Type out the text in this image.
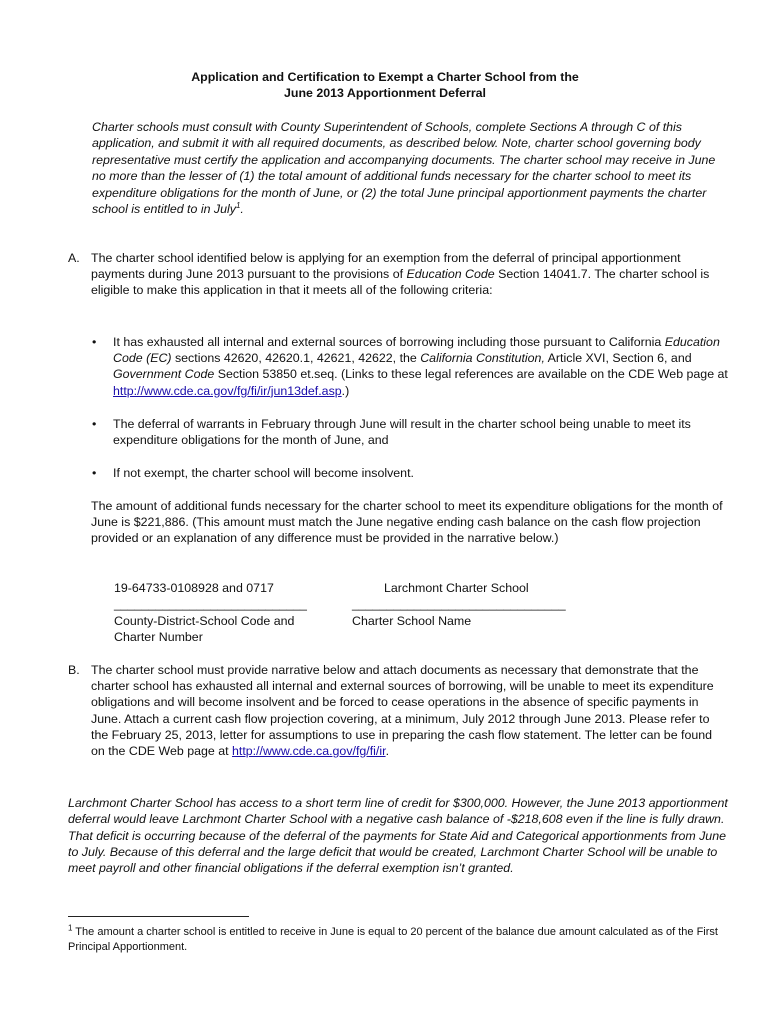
Application and Certification to Exempt a Charter School from the
June 2013 Apportionment Deferral
Charter schools must consult with County Superintendent of Schools, complete Sections A through C of this application, and submit it with all required documents, as described below. Note, charter school governing body representative must certify the application and accompanying documents. The charter school may receive in June no more than the lesser of (1) the total amount of additional funds necessary for the charter school to meet its expenditure obligations for the month of June, or (2) the total June principal apportionment payments the charter school is entitled to in July$^1$.
A. The charter school identified below is applying for an exemption from the deferral of principal apportionment payments during June 2013 pursuant to the provisions of Education Code Section 14041.7. The charter school is eligible to make this application in that it meets all of the following criteria:
• It has exhausted all internal and external sources of borrowing including those pursuant to California Education Code (EC) sections 42620, 42620.1, 42621, 42622, the California Constitution, Article XVI, Section 6, and Government Code Section 53850 et.seq. (Links to these legal references are available on the CDE Web page at http://www.cde.ca.gov/fg/fi/ir/jun13def.asp.)
• The deferral of warrants in February through June will result in the charter school being unable to meet its expenditure obligations for the month of June, and
• If not exempt, the charter school will become insolvent.
The amount of additional funds necessary for the charter school to meet its expenditure obligations for the month of June is $221,886. (This amount must match the June negative ending cash balance on the cash flow projection provided or an explanation of any difference must be provided in the narrative below.)
19-64733-0108928 and 0717
____________________________
County-District-School Code and
Charter Number
Larchmont Charter School
_______________________________
Charter School Name
B. The charter school must provide narrative below and attach documents as necessary that demonstrate that the charter school has exhausted all internal and external sources of borrowing, will be unable to meet its expenditure obligations and will become insolvent and be forced to cease operations in the absence of specific payments in June. Attach a current cash flow projection covering, at a minimum, July 2012 through June 2013. Please refer to the February 25, 2013, letter for assumptions to use in preparing the cash flow statement. The letter can be found on the CDE Web page at http://www.cde.ca.gov/fg/fi/ir.
Larchmont Charter School has access to a short term line of credit for $300,000. However, the June 2013 apportionment deferral would leave Larchmont Charter School with a negative cash balance of -$218,608 even if the line is fully drawn. That deficit is occurring because of the deferral of the payments for State Aid and Categorical apportionments from June to July. Because of this deferral and the large deficit that would be created, Larchmont Charter School will be unable to meet payroll and other financial obligations if the deferral exemption isn’t granted.
$^1$ The amount a charter school is entitled to receive in June is equal to 20 percent of the balance due amount calculated as of the First Principal Apportionment.
